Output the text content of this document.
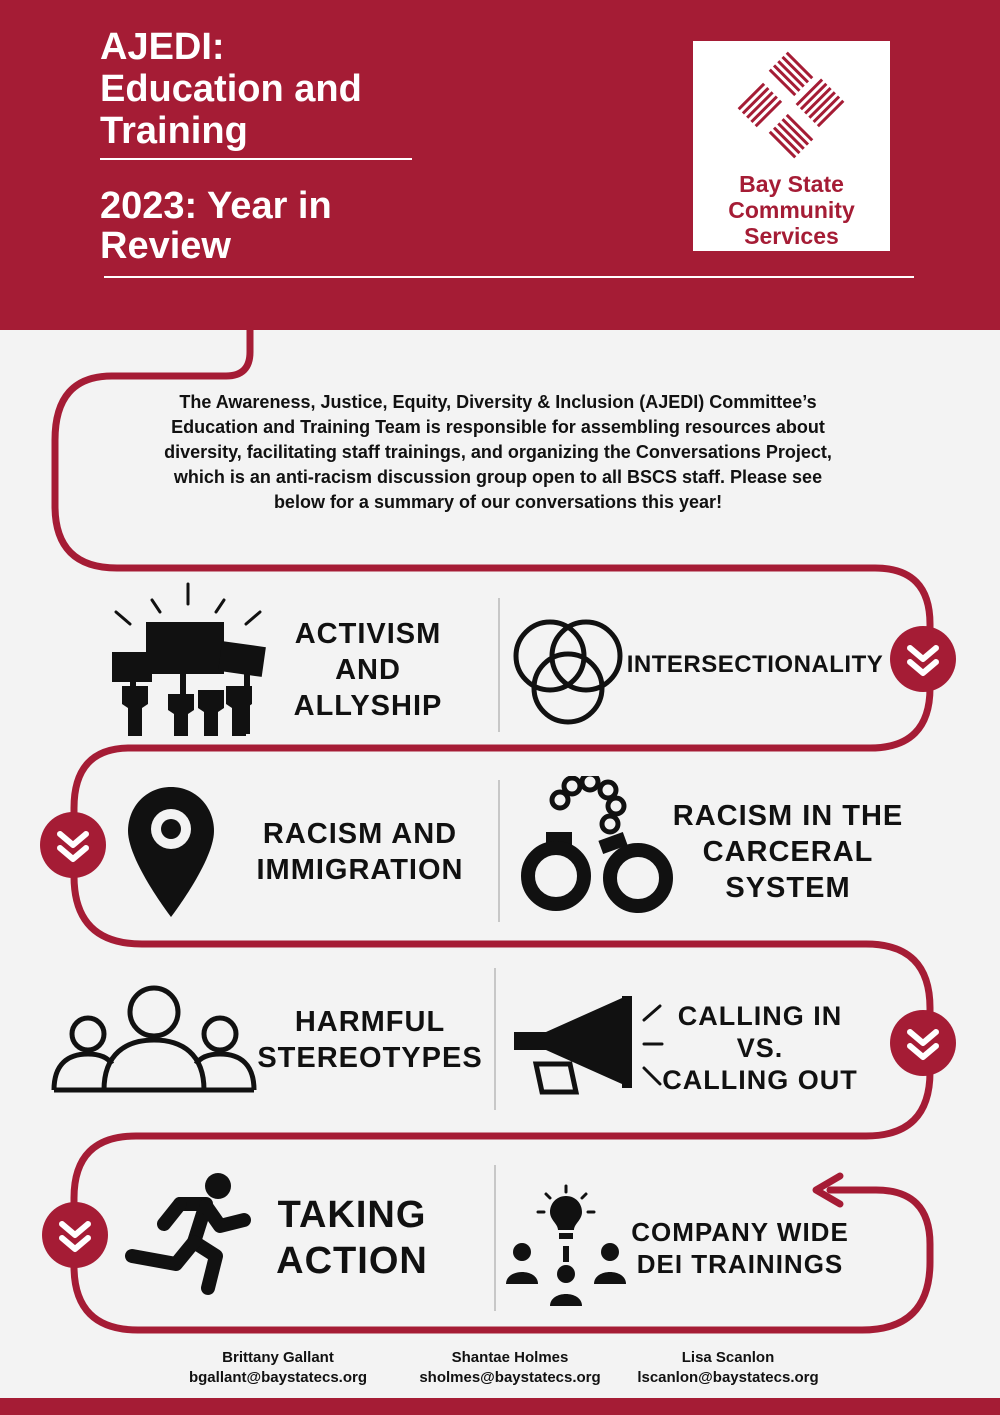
AJEDI:
Education and
Training
2023: Year in
Review
Bay State
Community
Services
The Awareness, Justice, Equity, Diversity & Inclusion (AJEDI) Committee’s Education and Training Team is responsible for assembling resources about diversity, facilitating staff trainings, and organizing the Conversations Project, which is an anti-racism discussion group open to all BSCS staff. Please see below for a summary of our conversations this year!
ACTIVISM
AND
ALLYSHIP
INTERSECTIONALITY
RACISM AND
IMMIGRATION
RACISM IN THE
CARCERAL
SYSTEM
HARMFUL
STEREOTYPES
CALLING IN
VS.
CALLING OUT
TAKING
ACTION
COMPANY WIDE
DEI TRAININGS
Brittany Gallant
bgallant@baystatecs.org
Shantae Holmes
sholmes@baystatecs.org
Lisa Scanlon
lscanlon@baystatecs.org
